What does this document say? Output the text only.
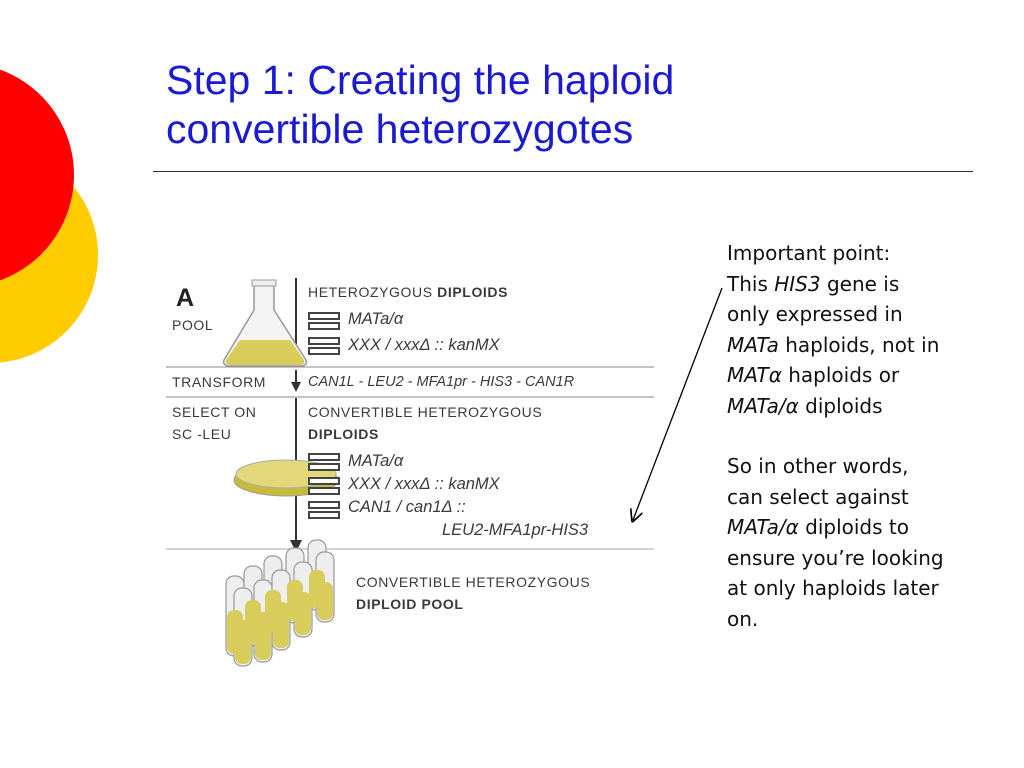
Step 1: Creating the haploid
convertible heterozygotes

Important point:

This HIS3 gene is

only expressed in

MATa haploids, not in

MATα haploids or

MATa/α diploids

So in other words,

can select against

MATa/α diploids to

ensure you’re looking

at only haploids later

on.

A
POOL
TRANSFORM
SELECT ON
SC -LEU
HETEROZYGOUS DIPLOIDS
MATa/α
XXX / xxxΔ :: kanMX
CAN1L - LEU2 - MFA1pr - HIS3 - CAN1R
CONVERTIBLE HETEROZYGOUS
DIPLOIDS
MATa/α
XXX / xxxΔ :: kanMX
CAN1 / can1Δ ::
LEU2-MFA1pr-HIS3
CONVERTIBLE HETEROZYGOUS
DIPLOID POOL
